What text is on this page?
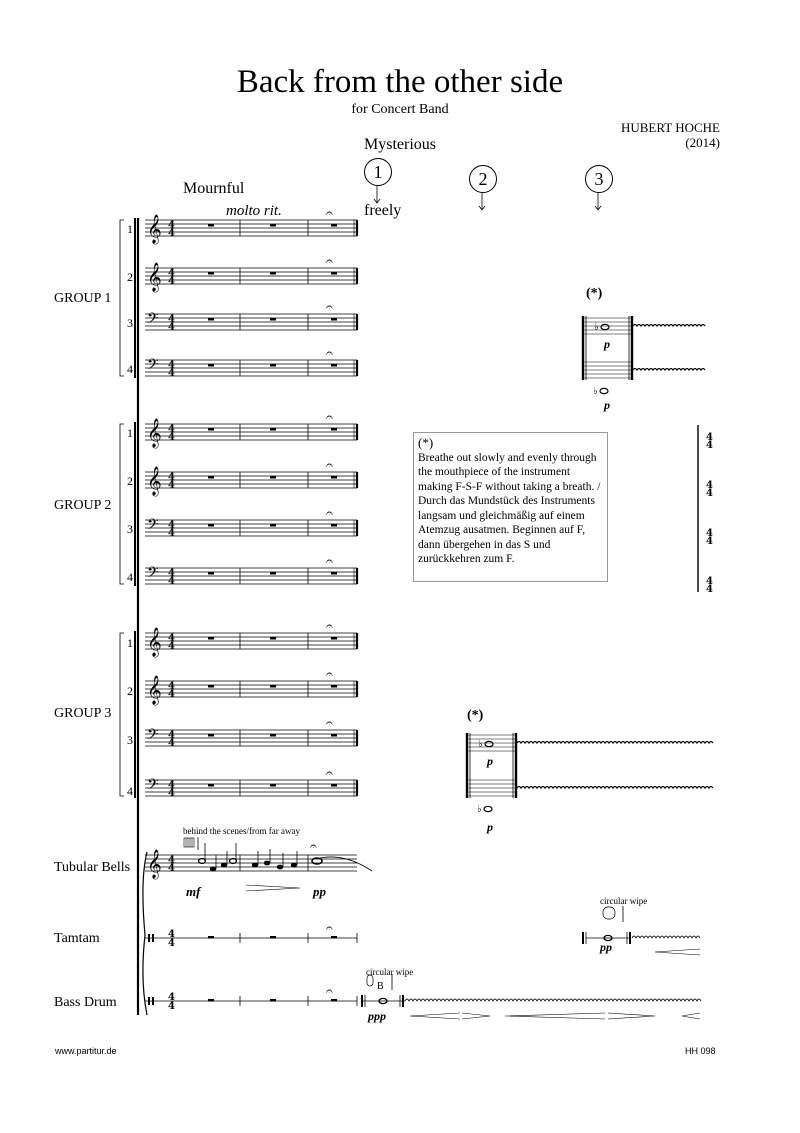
Back from the other side
for Concert Band
HUBERT HOCHE
(2014)
Mournful
molto rit.
Mysterious
freely
1	2	3
GROUP 1
GROUP 2
GROUP 3
1
2
3
4
1
2
3
4
1
2
3
4
Tubular Bells
Tamtam
Bass Drum
(*)
(*)
(*)
Breathe out slowly and evenly through the mouthpiece of the instrument making F-S-F without taking a breath. / Durch das Mundstück des Instruments langsam und gleichmäßig auf einem Atemzug ausatmen. Beginnen auf F, dann übergehen in das S und zurückkehren zum F.
behind the scenes/from far away
circular wipe
circular wipe
B
mf	pp
p
p
p
p
pp
ppp
www.partitur.de	HH 098
𝄞 4
4
𝄐
𝄞 4
4
𝄐
𝄢 4
4
𝄐
𝄢 4
4
𝄐
𝄞 4
4
𝄐
𝄞 4
4
𝄐
𝄢 4
4
𝄐
𝄢 4
4
𝄐
𝄞 4
4
𝄐
𝄞 4
4
𝄐
𝄢 4
4
𝄐
𝄢 4
4
𝄐
𝄞 4
4
𝄐
4
4
𝄐
4
4
𝄐
♭
♭
♭
♭
4
4
4
4
4
4
4
4
